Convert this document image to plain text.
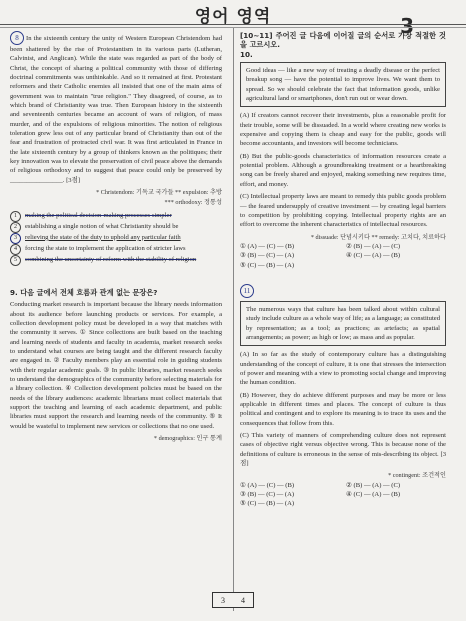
영어 영역	3
8 In the sixteenth century the unity of Western European Christendom had been shattered by the rise of Protestantism in its various parts (Lutheran, Calvinist, and Anglican). While the state was regarded as part of the body of Christ, the concept of sharing a political community with those of differing doctrinal commitments was unthinkable. And so it remained at first. Protestant reformers and their Catholic enemies all insisted that one of the main aims of government was to maintain "true religion." They disagreed, of course, as to which brand of Christianity was true. Then European history in the sixteenth and seventeenth centuries became an account of wars of religion, of mass murder, and of the expulsions of religious minorities. The notion of religious toleration grew less out of any particular brand of Christianity than out of the fear and frustration of protracted civil war. It was first articulated in France in the late sixteenth century by a group of thinkers known as the politiques; their key innovation was to elevate the preservation of civil peace above the demands of religious orthodoxy and to suggest that peace could only be preserved by ________________. [3점]
* Christendom: 기독교 국가들 ** expulsion: 추방
*** orthodoxy: 정통성
1 making the political decision-making processes simpler
2 establishing a single notion of what Christianity should be
3 relieving the state of the duty to uphold any particular faith
4 forcing the state to implement the application of stricter laws
5 combining the uncertainty of reform with the stability of religion
9. 다음 글에서 전체 흐름과 관계 없는 문장은?
Conducting market research is important because the library needs information about its audience before launching products or services. For example, a collection development policy must be developed in a way that matches with the community it serves. ① Since collections are built based on the teaching and learning needs of students and faculty in academia, market research seeks to understand what courses are being taught and the different research faculty are engaged in. ② Faculty members play an essential role in guiding students with their regular academic goals. ③ In public libraries, market research seeks to understand the demographics of the community before selecting materials for a library collection. ④ Collection development policies must be based on the needs of the library audiences: academic librarians must collect materials that support the teaching and learning of each academic department, and public libraries must support the research and learning needs of the community. ⑤ It would be wasteful to implement new services or collections that no one used.
* demographics: 인구 통계
[10~11] 주어진 글 다음에 이어질 글의 순서로 가장 적절한 것을 고르시오.
10.
Good ideas — like a new way of treating a deadly disease or the perfect breakup song — have the potential to improve lives. We want them to spread. So we should celebrate the fact that information goods, unlike agricultural land or smartphones, don't run out or wear down.
(A) If creators cannot recover their investments, plus a reasonable profit for their trouble, some will be dissuaded. In a world where creating new works is expensive and copying them is cheap and easy for the public, goods will become accountants, and investors will become technicians.
(B) But the public-goods characteristics of information resources create a potential problem. Although a groundbreaking treatment or a heartbreaking song can be freely shared and enjoyed, making something new requires time, effort, and money.
(C) Intellectual property laws are meant to remedy this public goods problem — the feared undersupply of creative investment — by creating legal barriers to competition by prohibiting copying. Intellectual property rights are an effort to overcome the inherent characteristics of intellectual resources.
* dissuade: 단념시키다 ** remedy: 고치다, 치료하다
① (A) — (C) — (B)	② (B) — (A) — (C)
③ (B) — (C) — (A)	④ (C) — (A) — (B)
⑤ (C) — (B) — (A)
11
The numerous ways that culture has been talked about within cultural study include culture as a whole way of life; as a language; as constituted by representation; as a tool; as practices; as artefacts; as spatial arrangements; as power; as high or low; as mass and as popular.
(A) In so far as the study of contemporary culture has a distinguishing understanding of the concept of culture, it is one that stresses the intersection of power and meaning with a view to promoting social change and improving the human condition.
(B) However, they do achieve different purposes and may be more or less applicable in different times and places. The concept of culture is thus political and contingent and to explore its meaning is to trace its uses and the consequences that follow from this.
(C) This variety of manners of comprehending culture does not represent cases of objective right versus objective wrong. This is because none of the definitions of culture is erroneous in the sense of mis-describing its object. [3점]
* contingent: 조건적인
① (A) — (C) — (B)	② (B) — (A) — (C)
③ (B) — (C) — (A)	④ (C) — (A) — (B)
⑤ (C) — (B) — (A)
3 4
